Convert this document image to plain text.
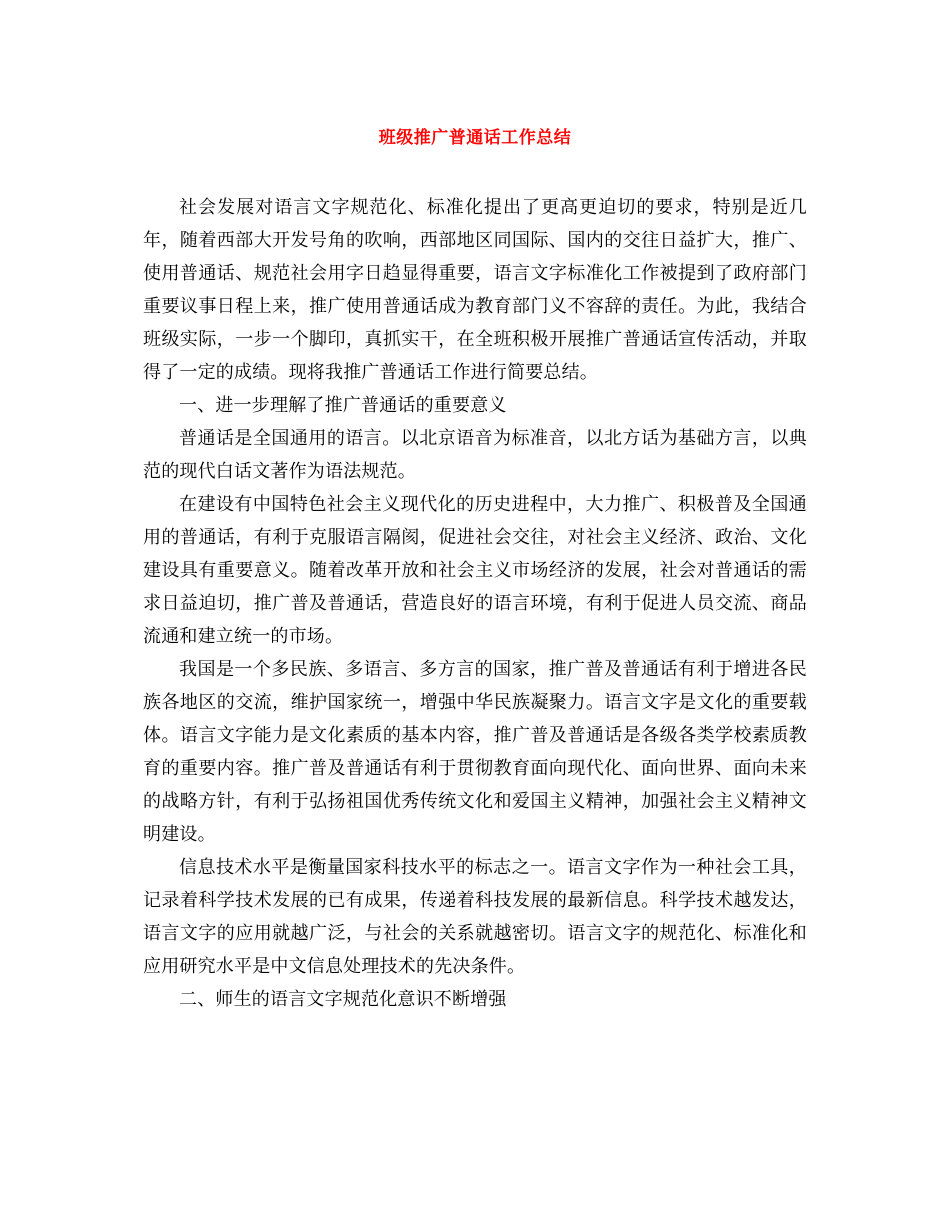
班级推广普通话工作总结

社会发展对语言文字规范化、标准化提出了更高更迫切的要求，特别是近几年，随着西部大开发号角的吹响，西部地区同国际、国内的交往日益扩大，推广、使用普通话、规范社会用字日趋显得重要，语言文字标准化工作被提到了政府部门重要议事日程上来，推广使用普通话成为教育部门义不容辞的责任。为此，我结合班级实际，一步一个脚印，真抓实干，在全班积极开展推广普通话宣传活动，并取得了一定的成绩。现将我推广普通话工作进行简要总结。

一、进一步理解了推广普通话的重要意义

普通话是全国通用的语言。以北京语音为标准音，以北方话为基础方言，以典范的现代白话文著作为语法规范。

在建设有中国特色社会主义现代化的历史进程中，大力推广、积极普及全国通用的普通话，有利于克服语言隔阂，促进社会交往，对社会主义经济、政治、文化建设具有重要意义。随着改革开放和社会主义市场经济的发展，社会对普通话的需求日益迫切，推广普及普通话，营造良好的语言环境，有利于促进人员交流、商品流通和建立统一的市场。

我国是一个多民族、多语言、多方言的国家，推广普及普通话有利于增进各民族各地区的交流，维护国家统一，增强中华民族凝聚力。语言文字是文化的重要载体。语言文字能力是文化素质的基本内容，推广普及普通话是各级各类学校素质教育的重要内容。推广普及普通话有利于贯彻教育面向现代化、面向世界、面向未来的战略方针，有利于弘扬祖国优秀传统文化和爱国主义精神，加强社会主义精神文明建设。

信息技术水平是衡量国家科技水平的标志之一。语言文字作为一种社会工具，记录着科学技术发展的已有成果，传递着科技发展的最新信息。科学技术越发达，语言文字的应用就越广泛，与社会的关系就越密切。语言文字的规范化、标准化和应用研究水平是中文信息处理技术的先决条件。

二、师生的语言文字规范化意识不断增强
